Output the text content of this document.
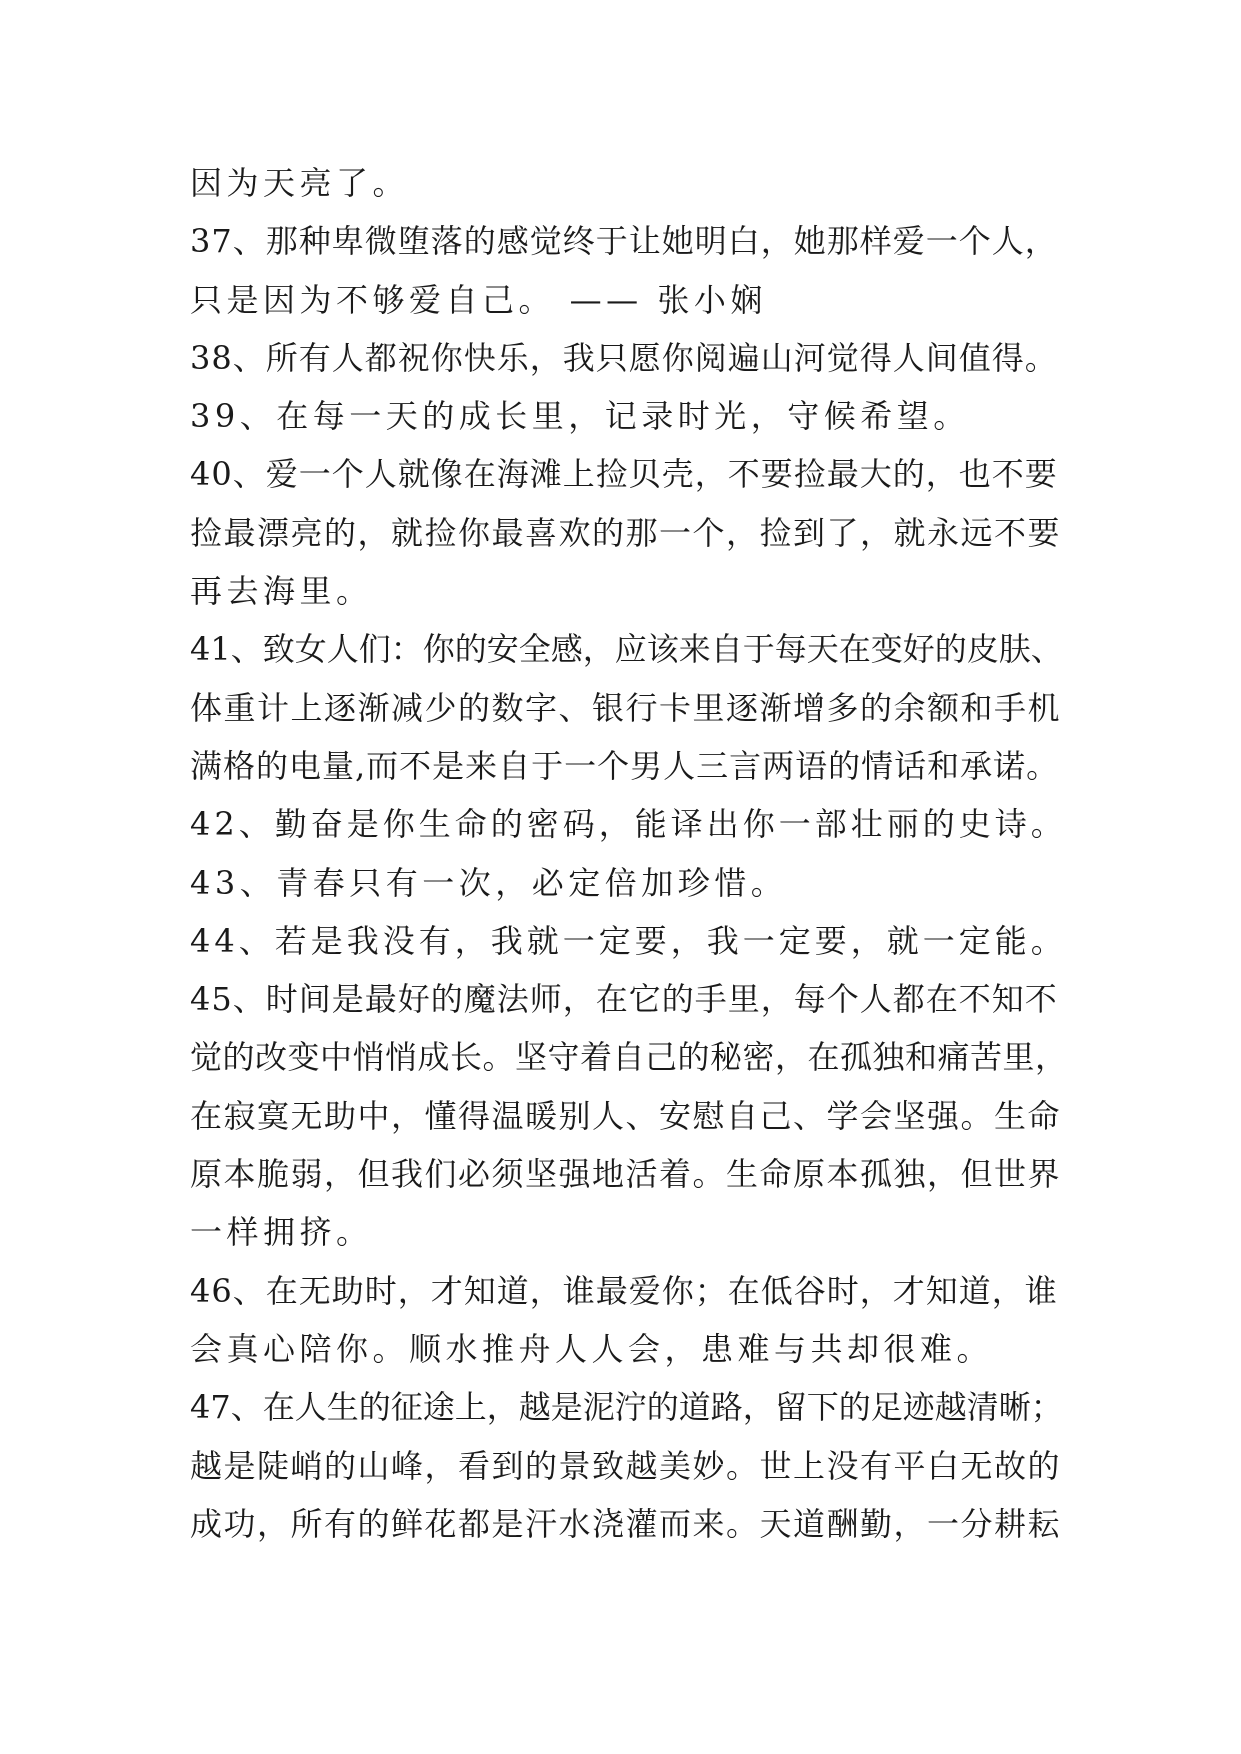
因为天亮了。
37、那种卑微堕落的感觉终于让她明白，她那样爱一个人，
只是因为不够爱自己。 —— 张小娴
38、所有人都祝你快乐，我只愿你阅遍山河觉得人间值得。
39、在每一天的成长里，记录时光，守候希望。
40、爱一个人就像在海滩上捡贝壳，不要捡最大的，也不要
捡最漂亮的，就捡你最喜欢的那一个，捡到了，就永远不要
再去海里。
41、致女人们：你的安全感，应该来自于每天在变好的皮肤、
体重计上逐渐减少的数字、银行卡里逐渐增多的余额和手机
满格的电量,而不是来自于一个男人三言两语的情话和承诺。
42、勤奋是你生命的密码，能译出你一部壮丽的史诗。
43、青春只有一次，必定倍加珍惜。
44、若是我没有，我就一定要，我一定要，就一定能。
45、时间是最好的魔法师，在它的手里，每个人都在不知不
觉的改变中悄悄成长。坚守着自己的秘密，在孤独和痛苦里，
在寂寞无助中，懂得温暖别人、安慰自己、学会坚强。生命
原本脆弱，但我们必须坚强地活着。生命原本孤独，但世界
一样拥挤。
46、在无助时，才知道，谁最爱你；在低谷时，才知道，谁
会真心陪你。顺水推舟人人会，患难与共却很难。
47、在人生的征途上，越是泥泞的道路，留下的足迹越清晰；
越是陡峭的山峰，看到的景致越美妙。世上没有平白无故的
成功，所有的鲜花都是汗水浇灌而来。天道酬勤，一分耕耘
